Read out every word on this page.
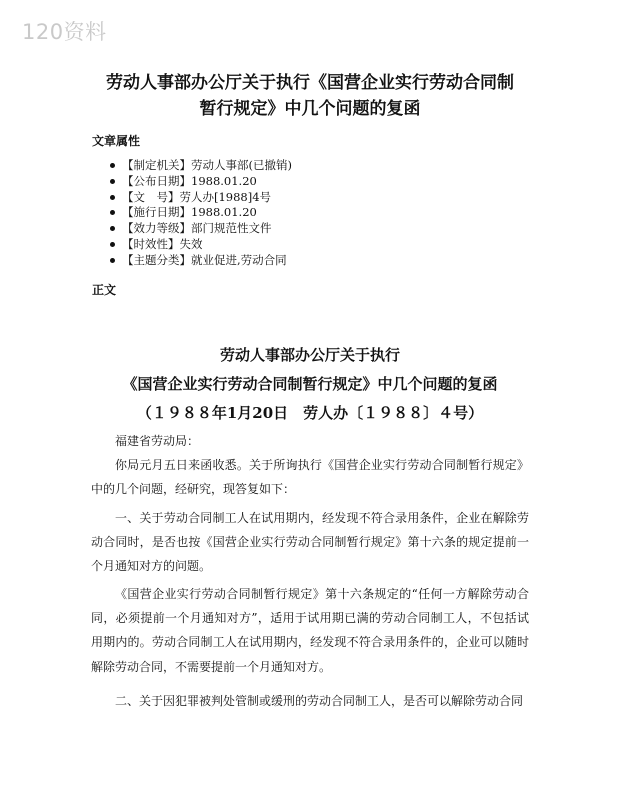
120资料
劳动人事部办公厅关于执行《国营企业实行劳动合同制
暂行规定》中几个问题的复函
文章属性
【制定机关】劳动人事部(已撤销)
【公布日期】1988.01.20
【文　号】劳人办[1988]4号
【施行日期】1988.01.20
【效力等级】部门规范性文件
【时效性】失效
【主题分类】就业促进,劳动合同
正文
劳动人事部办公厅关于执行
《国营企业实行劳动合同制暂行规定》中几个问题的复函
（１９８８年1月20日　劳人办〔１９８８〕４号）
福建省劳动局：
你局元月五日来函收悉。关于所询执行《国营企业实行劳动合同制暂行规定》中的几个问题，经研究，现答复如下：
一、关于劳动合同制工人在试用期内，经发现不符合录用条件，企业在解除劳动合同时，是否也按《国营企业实行劳动合同制暂行规定》第十六条的规定提前一个月通知对方的问题。
《国营企业实行劳动合同制暂行规定》第十六条规定的“任何一方解除劳动合同，必须提前一个月通知对方”，适用于试用期已满的劳动合同制工人，不包括试用期内的。劳动合同制工人在试用期内，经发现不符合录用条件的，企业可以随时解除劳动合同，不需要提前一个月通知对方。
二、关于因犯罪被判处管制或缓刑的劳动合同制工人，是否可以解除劳动合同
